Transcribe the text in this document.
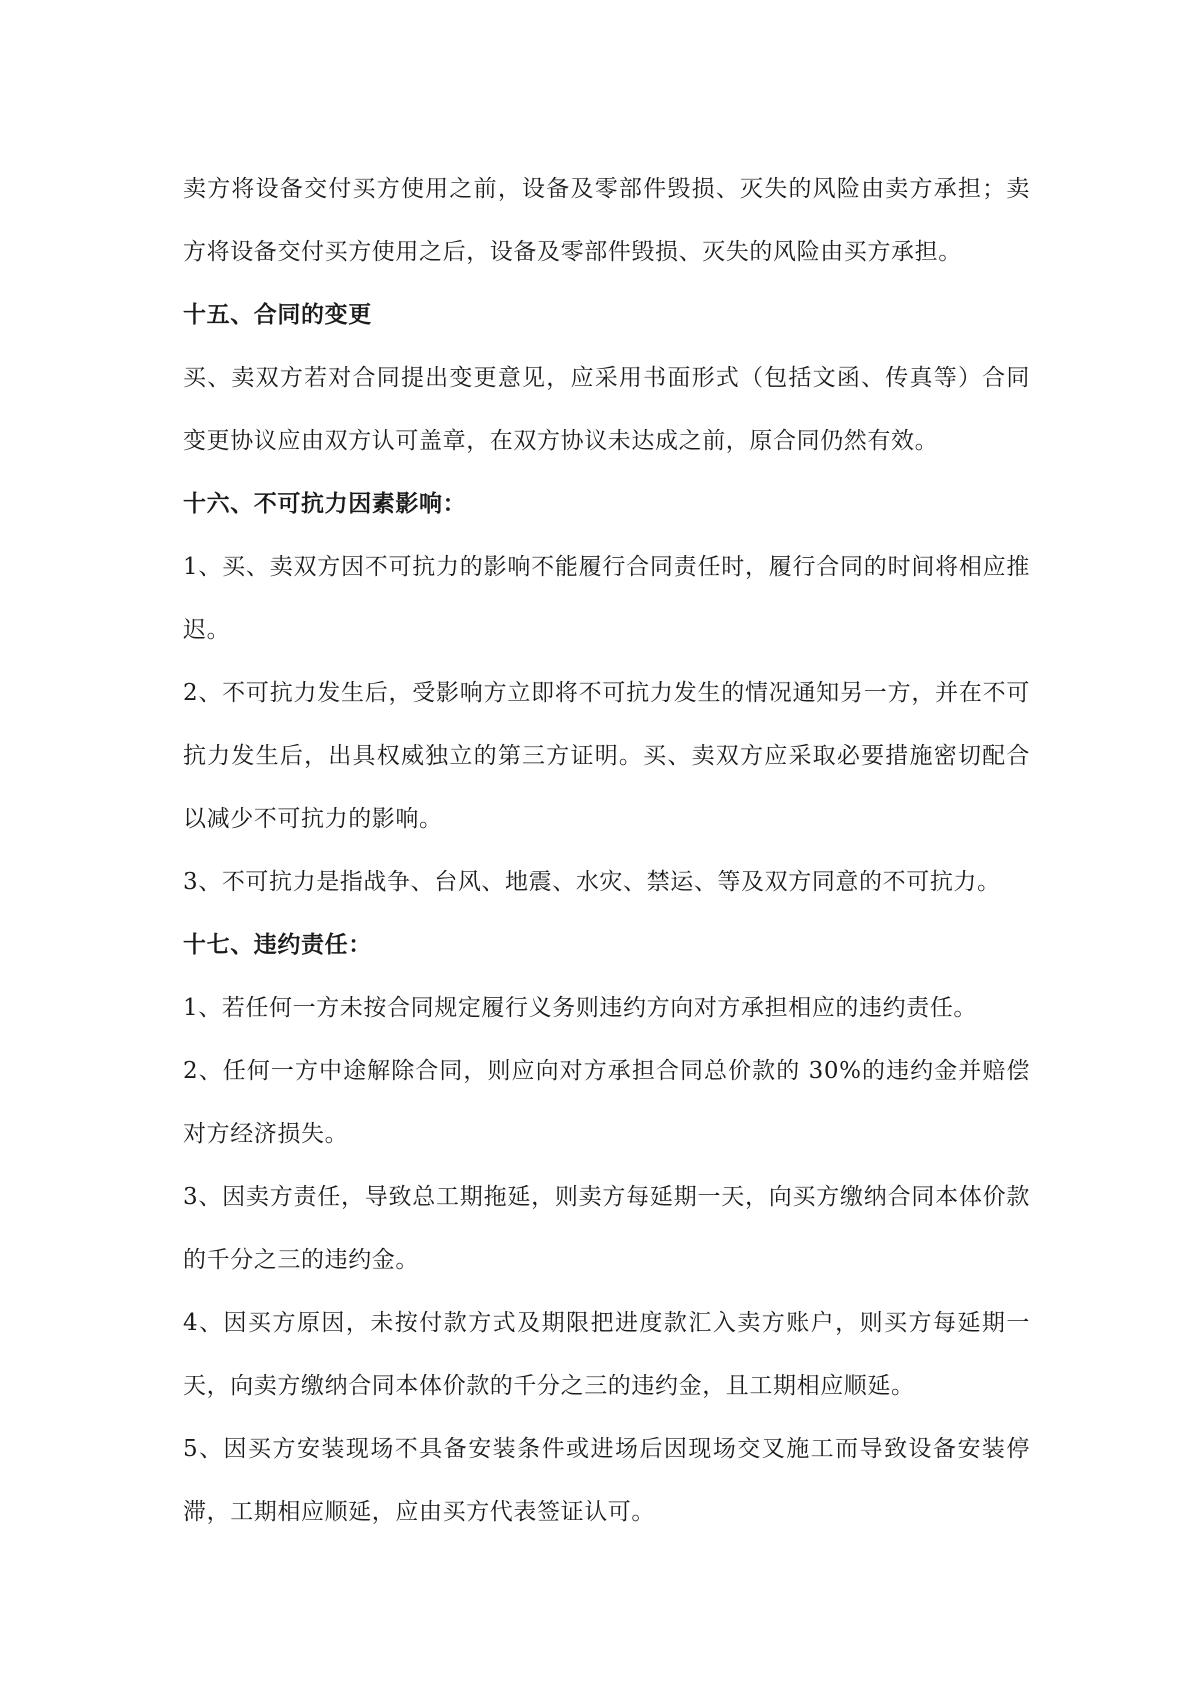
卖方将设备交付买方使用之前，设备及零部件毁损、灭失的风险由卖方承担；卖方将设备交付买方使用之后，设备及零部件毁损、灭失的风险由买方承担。

十五、合同的变更

买、卖双方若对合同提出变更意见，应采用书面形式（包括文函、传真等）合同变更协议应由双方认可盖章，在双方协议未达成之前，原合同仍然有效。

十六、不可抗力因素影响：

1、买、卖双方因不可抗力的影响不能履行合同责任时，履行合同的时间将相应推迟。

2、不可抗力发生后，受影响方立即将不可抗力发生的情况通知另一方，并在不可抗力发生后，出具权威独立的第三方证明。买、卖双方应采取必要措施密切配合以减少不可抗力的影响。

3、不可抗力是指战争、台风、地震、水灾、禁运、等及双方同意的不可抗力。

十七、违约责任：

1、若任何一方未按合同规定履行义务则违约方向对方承担相应的违约责任。

2、任何一方中途解除合同，则应向对方承担合同总价款的 30%的违约金并赔偿对方经济损失。

3、因卖方责任，导致总工期拖延，则卖方每延期一天，向买方缴纳合同本体价款的千分之三的违约金。

4、因买方原因，未按付款方式及期限把进度款汇入卖方账户，则买方每延期一天，向卖方缴纳合同本体价款的千分之三的违约金，且工期相应顺延。

5、因买方安装现场不具备安装条件或进场后因现场交叉施工而导致设备安装停滞，工期相应顺延，应由买方代表签证认可。
